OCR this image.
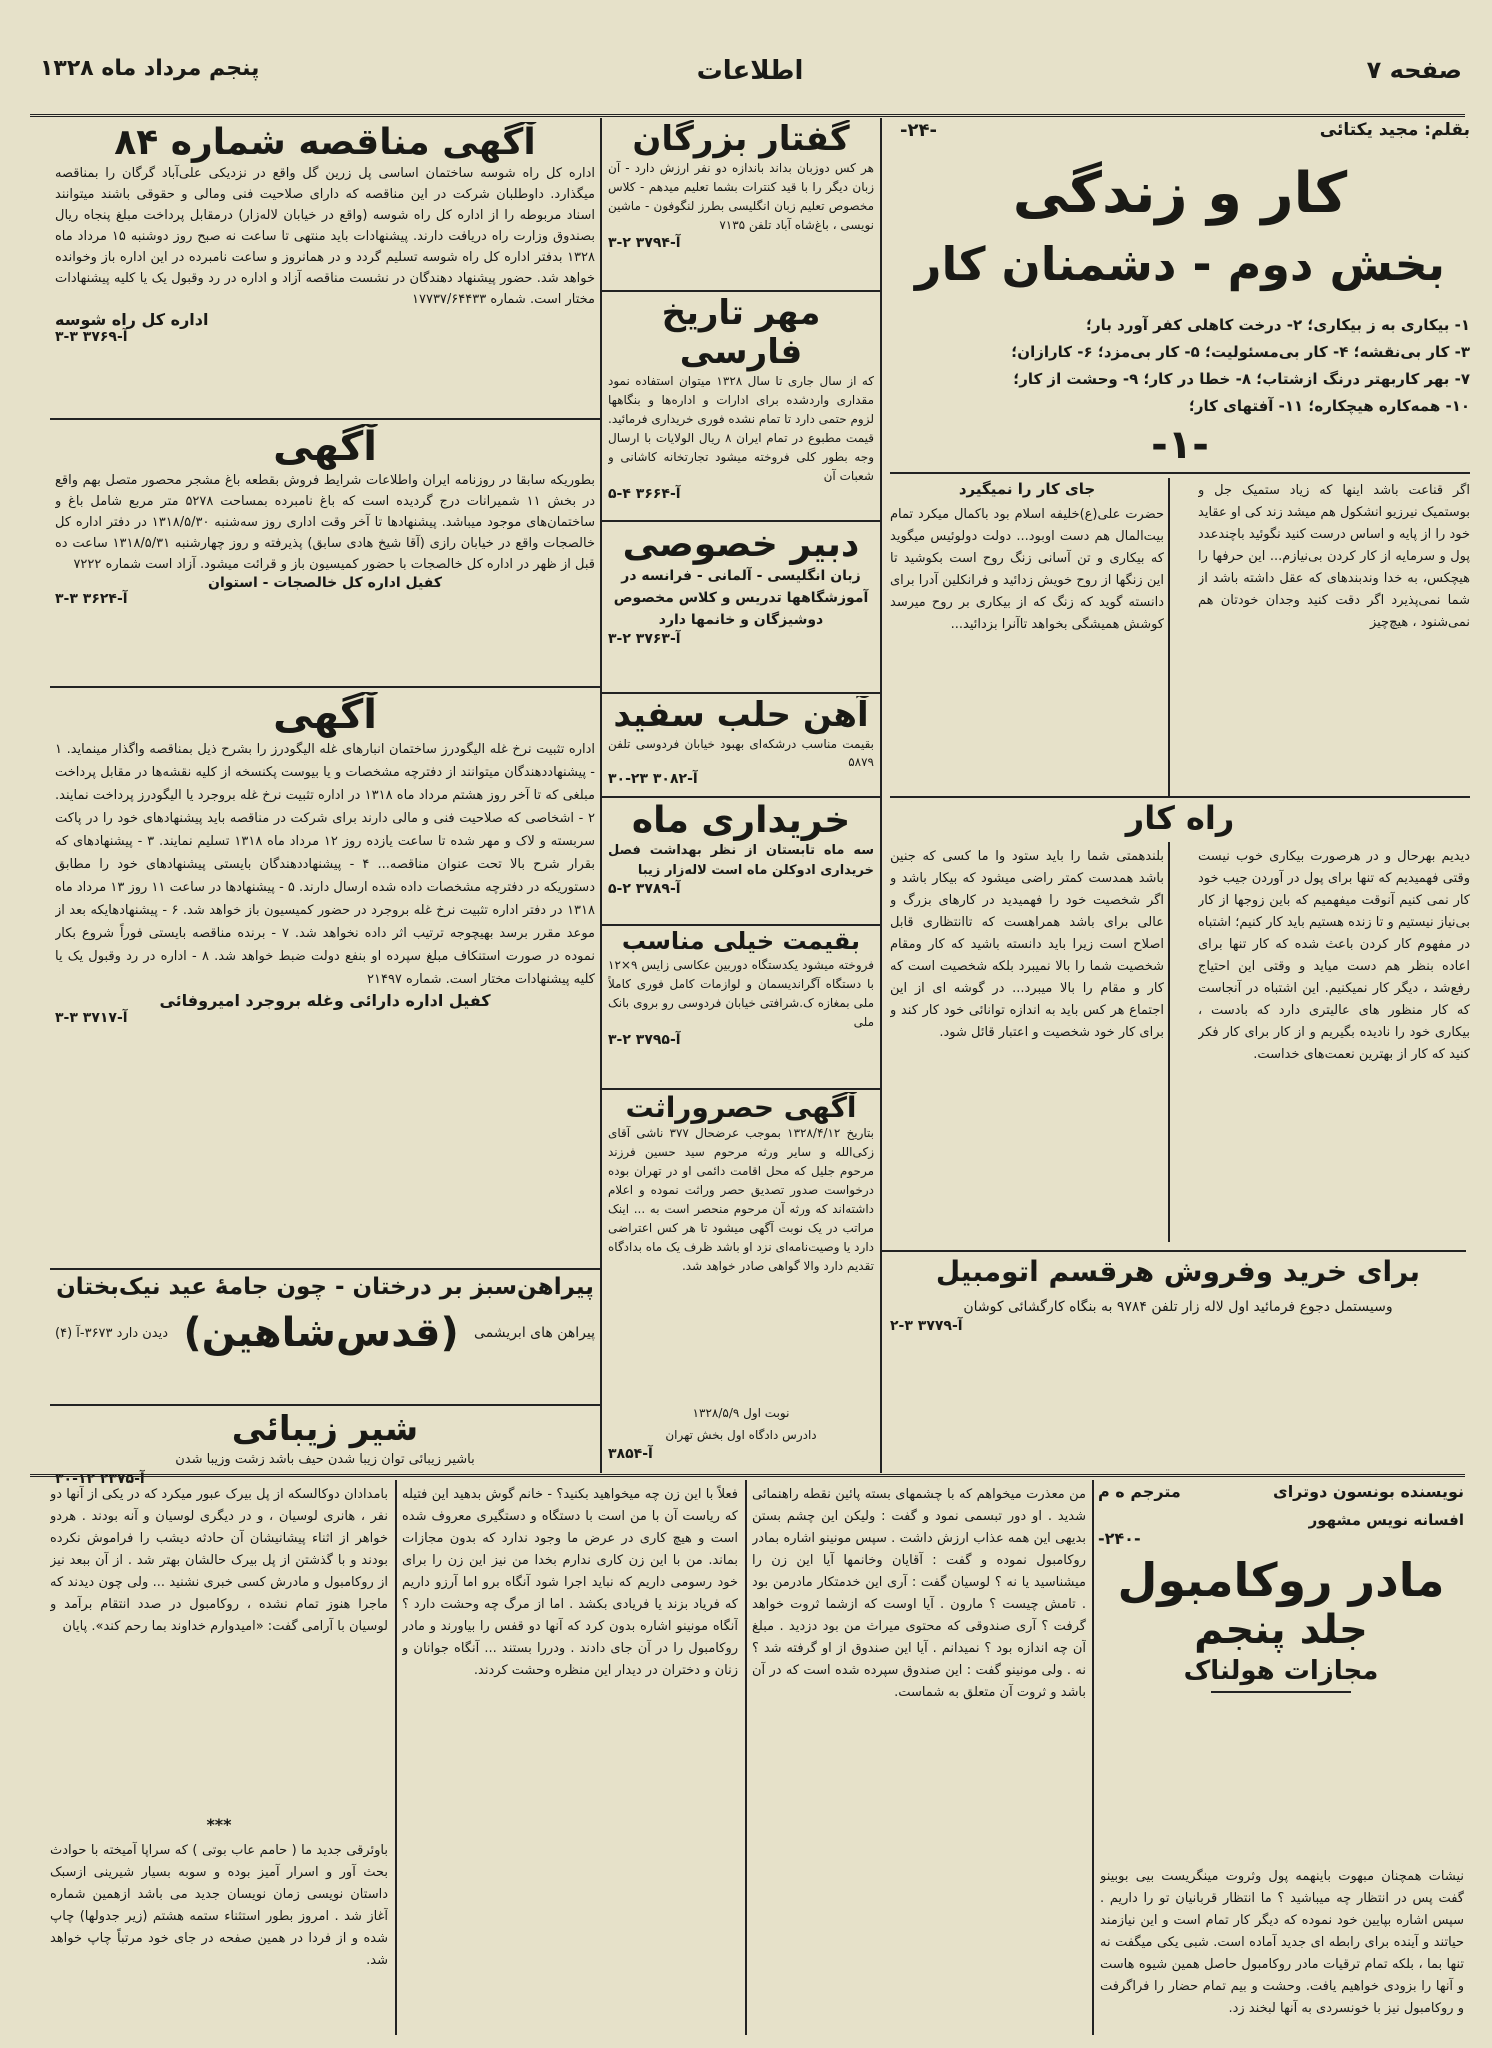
صفحه ۷
اطلاعات
پنجم مرداد ماه ۱۳۲۸
بقلم: مجید یکتائی
-۲۴-
کار و زندگی
بخش دوم - دشمنان کار
۱- بیکاری به ز بیکاری؛ ۲- درخت کاهلی کفر آورد بار؛
۳- کار بی‌نقشه؛ ۴- کار بی‌مسئولیت؛ ۵- کار بی‌مزد؛ ۶- کارازان؛
۷- بهر کاربهتر درنگ ازشتاب؛ ۸- خطا در کار؛ ۹- وحشت از کار؛
۱۰- همه‌کاره هیچکاره؛ ۱۱- آفتهای کار؛
-۱-
اگر قناعت باشد اینها که زیاد ستمیک جل و بوستمیک نیرزیو انشکول هم میشد زند کی او عقاید خود را از پایه و اساس درست کنید نگوئید باچندعدد پول و سرمایه از کار کردن بی‌نیازم... این حرفها را هیچکس، به خدا وندبندهای که عقل داشته باشد از شما نمی‌پذیرد اگر دقت کنید وجدان خودتان هم نمی‌شنود ، هیچ‌چیز
جای کار را نمیگیرد
حضرت علی(ع)خلیفه اسلام بود باکمال میکرد تمام بیت‌المال هم دست اوبود... دولت دولوئیس میگوید که بیکاری و تن آسانی زنگ روح است بکوشید تا این زنگها از روح خویش زدائید و فرانکلین آدرا برای دانسته گوید که زنگ که از بیکاری بر روح میرسد کوشش همیشگی بخواهد تاآنرا بزدائید...
راه کار
دیدیم بهرحال و در هرصورت بیکاری خوب نیست وقتی فهمیدیم که تنها برای پول در آوردن جیب خود کار نمی کنیم آنوقت میفهمیم که باین زوجها از کار بی‌نیاز نیستیم و تا زنده هستیم باید کار کنیم؛ اشتباه در مفهوم کار کردن باعث شده که کار تنها برای اعاده بنظر هم دست میاید و وقتی این احتیاج رفع‌شد ، دیگر کار نمیکنیم. این اشتباه در آنجاست که کار منظور های عالیتری دارد که بادست ، بیکاری خود را نادیده بگیریم و از کار برای کار فکر کنید که کار از بهترین نعمت‌های خداست.
بلندهمتی شما را باید ستود وا ما کسی که جنین باشد همدست کمتر راضی میشود که بیکار باشد و اگر شخصیت خود را فهمیدید در کارهای بزرگ و عالی برای باشد همراهست که تاانتظاری قابل اصلاح است زیرا باید دانسته باشید که کار ومقام شخصیت شما را بالا نمیبرد بلکه شخصیت است که کار و مقام را بالا میبرد... در گوشه ای از این اجتماع هر کس باید به اندازه توانائی خود کار کند و برای کار خود شخصیت و اعتبار قائل شود.
برای خرید وفروش هرقسم اتومبیل
وسیستمل دجوع فرمائید اول لاله زار تلفن ۹۷۸۴ به بنگاه کارگشائی کوشان
آ-۳۷۷۹ ۳-۲
گفتار بزرگان
هر کس دوزبان بداند باندازه دو نفر ارزش دارد - آن زبان دیگر را با قید کنترات بشما تعلیم میدهم - کلاس مخصوص تعلیم زبان انگلیسی بطرز لنگوفون - ماشین نویسی ، باغ‌شاه آباد تلفن ۷۱۳۵
آ-۳۷۹۴ ۲-۳
مهر تاریخ فارسی
که از سال جاری تا سال ۱۳۲۸ میتوان استفاده نمود مقداری واردشده برای ادارات و اداره‌ها و بنگاهها لزوم حتمی دارد تا تمام نشده فوری خریداری فرمائید. قیمت مطبوع در تمام ایران ۸ ریال الولایات با ارسال وجه بطور کلی فروخته میشود تجارتخانه کاشانی و شعبات آن
آ-۳۶۶۴ ۴-۵
دبیر خصوصی
زبان انگلیسی - آلمانی - فرانسه در آموزشگاهها تدریس و کلاس مخصوص دوشیزگان و خانمها دارد
آ-۳۷۶۳ ۲-۳
آهن حلب سفید
بقیمت مناسب درشکه‌ای بهبود خیابان فردوسی تلفن ۵۸۷۹
آ-۳۰۸۲ ۲۳-۳۰
خریداری ماه
سه ماه تابستان از نظر بهداشت فصل خریداری ادوکلن ماه است لاله‌زار زیبا
آ-۳۷۸۹ ۲-۵
بقیمت خیلی مناسب
فروخته میشود یکدستگاه دوربین عکاسی زایس ۹×۱۲ با دستگاه آگراندیسمان و لوازمات کامل فوری کاملاً ملی بمغازه ک.شرافتی خیابان فردوسی رو بروی بانک ملی
آ-۳۷۹۵ ۲-۳
آگهی حصروراثت
بتاریخ ۱۳۲۸/۴/۱۲ بموجب عرضحال ۳۷۷ ناشی آقای زکی‌الله و سایر ورثه مرحوم سید حسین فرزند مرحوم جلیل که محل اقامت دائمی او در تهران بوده درخواست صدور تصدیق حصر وراثت نموده و اعلام داشته‌اند که ورثه آن مرحوم منحصر است به ... اینک مراتب در یک نوبت آگهی میشود تا هر کس اعتراضی دارد یا وصیت‌نامه‌ای نزد او باشد ظرف یک ماه بدادگاه تقدیم دارد والا گواهی صادر خواهد شد.
نوبت اول ۱۳۲۸/۵/۹
دادرس دادگاه اول بخش تهران
آ-۳۸۵۴
آگهی مناقصه شماره ۸۴
اداره کل راه شوسه ساختمان اساسی پل زرین گل واقع در نزدیکی علی‌آباد گرگان را بمناقصه میگذارد. داوطلبان شرکت در این مناقصه که دارای صلاحیت فنی ومالی و حقوقی باشند میتوانند اسناد مربوطه را از اداره کل راه شوسه (واقع در خیابان لاله‌زار) درمقابل پرداخت مبلغ پنجاه ریال بصندوق وزارت راه دریافت دارند. پیشنهادات باید منتهی تا ساعت نه صبح روز دوشنبه ۱۵ مرداد ماه ۱۳۲۸ بدفتر اداره کل راه شوسه تسلیم گردد و در همانروز و ساعت نامبرده در این اداره باز وخوانده خواهد شد. حضور پیشنهاد دهندگان در نشست مناقصه آزاد و اداره در رد وقبول یک یا کلیه پیشنهادات مختار است. شماره ۱۷۷۳۷/۶۴۴۳۳
اداره کل راه شوسه
آ-۳۷۶۹ ۳-۳
آگهی
بطوریکه سابقا در روزنامه ایران واطلاعات شرایط فروش بقطعه باغ مشجر محصور متصل بهم واقع در بخش ۱۱ شمیرانات درج گردیده است که باغ نامبرده بمساحت ۵۲۷۸ متر مربع شامل باغ و ساختمان‌های موجود میباشد. پیشنهادها تا آخر وقت اداری روز سه‌شنبه ۱۳۱۸/۵/۳۰ در دفتر اداره کل خالصجات واقع در خیابان رازی (آقا شیخ هادی سابق) پذیرفته و روز چهارشنبه ۱۳۱۸/۵/۳۱ ساعت ده قبل از ظهر در اداره کل خالصجات با حضور کمیسیون باز و قرائت میشود. آزاد است شماره ۷۲۲۲
کفیل اداره کل خالصجات - استوان
آ-۳۶۲۴ ۳-۳
آگهی
اداره تثبیت نرخ غله الیگودرز ساختمان انبارهای غله الیگودرز را بشرح ذیل بمناقصه واگذار مینماید. ۱ - پیشنهاددهندگان میتوانند از دفترچه مشخصات و یا بیوست پکنسخه از کلیه نقشه‌ها در مقابل پرداخت مبلغی که تا آخر روز هشتم مرداد ماه ۱۳۱۸ در اداره تثبیت نرخ غله بروجرد یا الیگودرز پرداخت نمایند. ۲ - اشخاصی که صلاحیت فنی و مالی دارند برای شرکت در مناقصه باید پیشنهادهای خود را در پاکت سربسته و لاک و مهر شده تا ساعت یازده روز ۱۲ مرداد ماه ۱۳۱۸ تسلیم نمایند. ۳ - پیشنهادهای که بقرار شرح بالا تحت عنوان مناقصه... ۴ - پیشنهاددهندگان بایستی پیشنهادهای خود را مطابق دستوریکه در دفترچه مشخصات داده شده ارسال دارند. ۵ - پیشنهادها در ساعت ۱۱ روز ۱۳ مرداد ماه ۱۳۱۸ در دفتر اداره تثبیت نرخ غله بروجرد در حضور کمیسیون باز خواهد شد. ۶ - پیشنهادهایکه بعد از موعد مقرر برسد بهیچوجه ترتیب اثر داده نخواهد شد. ۷ - برنده مناقصه بایستی فوراً شروع بکار نموده در صورت استنکاف مبلغ سپرده او بنفع دولت ضبط خواهد شد. ۸ - اداره در رد وقبول یک یا کلیه پیشنهادات مختار است. شماره ۲۱۴۹۷
کفیل اداره دارائی وغله بروجرد امیروفائی
آ-۳۷۱۷ ۳-۳
پیراهن‌سبز بر درختان - چون جامهٔ عید نیک‌بختان
پیراهن های ابریشمی
(قدس‌شاهین)
دیدن دارد ۳۶۷۳-آ (۴)
شیر زیبائی
باشیر زیبائی توان زیبا شدن حیف باشد زشت وزیبا شدن
آ-۲۳۷۵ ۱۲-۳۰
نویسنده بونسون دوترای
مترجم ه م
افسانه نویس مشهور
-۲۴۰-
مادر روکامبول
جلد پنجم
مجازات هولناک
نیشات همچنان مبهوت باینهمه پول وثروت مینگریست بیی بوبینو گفت پس در انتظار چه میباشید ؟ ما انتظار قربانیان تو را داریم . سپس اشاره بپایین خود نموده که دیگر کار تمام است و این نیازمند حیاتند و آینده برای رابطه ای جدید آماده است. شبی یکی میگفت نه تنها بما ، بلکه تمام ترقیات مادر روکامبول حاصل همین شیوه هاست و آنها را بزودی خواهیم یافت. وحشت و بیم تمام حضار را فراگرفت و روکامبول نیز با خونسردی به آنها لبخند زد.
من معذرت میخواهم که با چشمهای بسته پائین نقطه راهنمائی شدید . او دور تبسمی نمود و گفت : ولیکن این چشم بستن بدیهی این همه عذاب ارزش داشت . سپس مونینو اشاره بمادر روکامبول نموده و گفت : آقایان وخانمها آیا این زن را میشناسید یا نه ؟ لوسیان گفت : آری این خدمتکار مادرمن بود . تامش چیست ؟ مارون . آیا اوست که ازشما ثروت خواهد گرفت ؟ آری صندوقی که محتوی میراث من بود دزدید . مبلغ آن چه اندازه بود ؟ نمیدانم . آیا این صندوق از او گرفته شد ؟ نه . ولی مونینو گفت : این صندوق سپرده شده است که در آن باشد و ثروت آن متعلق به شماست.
فعلاً با این زن چه میخواهید بکنید؟ - خانم گوش بدهید این فتیله که ریاست آن با من است با دستگاه و دستگیری معروف شده است و هیچ کاری در عرض ما وجود ندارد که بدون مجازات بماند. من با این زن کاری ندارم بخدا من نیز این زن را برای خود رسومی داریم که نباید اجرا شود آنگاه برو اما آرزو داریم که فریاد بزند یا فریادی بکشد . اما از مرگ چه وحشت دارد ؟ آنگاه مونینو اشاره بدون کرد که آنها دو قفس را بیاورند و مادر روکامبول را در آن جای دادند . ودررا بستند ... آنگاه جوانان و زنان و دختران در دیدار این منظره وحشت کردند.
بامدادان دوکالسکه از پل بیرک عبور میکرد که در یکی از آنها دو نفر ، هانری لوسیان ، و در دیگری لوسیان و آنه بودند . هردو خواهر از اثناء پیشانیشان آن حادثه دیشب را فراموش نکرده بودند و با گذشتن از پل بیرک حالشان بهتر شد . از آن ببعد نیز از روکامبول و مادرش کسی خبری نشنید ... ولی چون دیدند که ماجرا هنوز تمام نشده ، روکامبول در صدد انتقام برآمد و لوسیان با آرامی گفت: «امیدوارم خداوند بما رحم کند». پایان
***
باوئرقی جدید ما ( حامم عاب بوتی ) که سراپا آمیخته با حوادث بحث آور و اسرار آمیز بوده و سوبه بسیار شیرینی ازسبک داستان نویسی زمان نویسان جدید می باشد ازهمین شماره آغاز شد . امروز بطور استثناء ستمه هشتم (زیر جدولها) چاپ شده و از فردا در همین صفحه در جای خود مرتباً چاپ خواهد شد.
